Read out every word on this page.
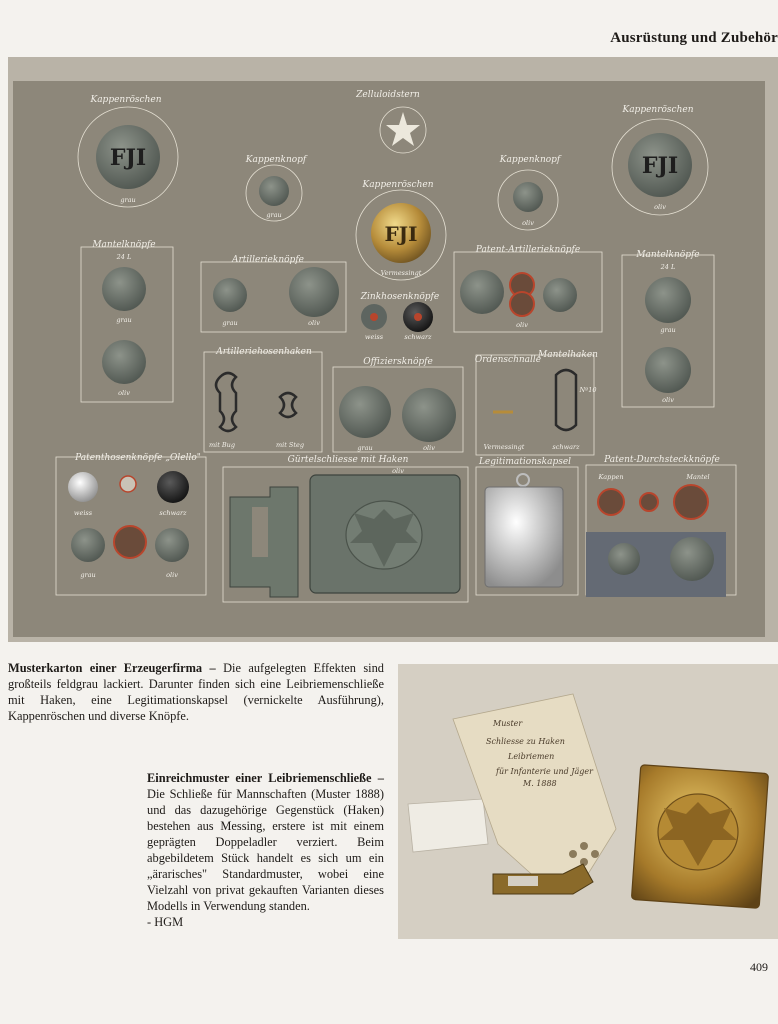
Ausrüstung und Zubehör
Zelluloidstern
Kappenröschen
FJI
grau
Kappenknopf
grau
Kappenröschen
FJI
Vermessingt
Kappenknopf
oliv
Kappenröschen
FJI
oliv
Mantelknöpfe
24 L
grau
oliv
Artillerieknöpfe
grau	oliv
Zinkhosenknöpfe
weiss	schwarz
Patent-Artillerieknöpfe
oliv
Mantelknöpfe
24 L
grau
oliv
Artilleriehosenhaken
mit Bug	mit Steg
Offiziersknöpfe
grau	oliv
Ordenschnalle
Mantelhaken
Nº10
Vermessingt	schwarz
Patenthosenknöpfe „Olello"
weiss	schwarz
grau	oliv
Gürtelschliesse mit Haken
oliv
Legitimationskapsel	Patent-Durchsteckknöpfe
Kappen	Mantel
Musterkarton einer Erzeugerfirma – Die aufgelegten Effekten sind großteils feldgrau lackiert. Darunter finden sich eine Leibriemenschließe mit Haken, eine Legitimationskapsel (vernickelte Ausführung), Kappenröschen und diverse Knöpfe.
Einreichmuster einer Leibriemenschließe – Die Schließe für Mannschaften (Muster 1888) und das dazugehörige Gegenstück (Haken) bestehen aus Messing, erstere ist mit einem geprägten Doppeladler verziert. Beim abgebildetem Stück handelt es sich um ein „ärarisches" Standardmuster, wobei eine Vielzahl von privat gekauften Varianten dieses Modells in Verwendung standen.
- HGM
Muster
Schliesse zu Haken
Leibriemen
für Infanterie und Jäger
M. 1888
409
